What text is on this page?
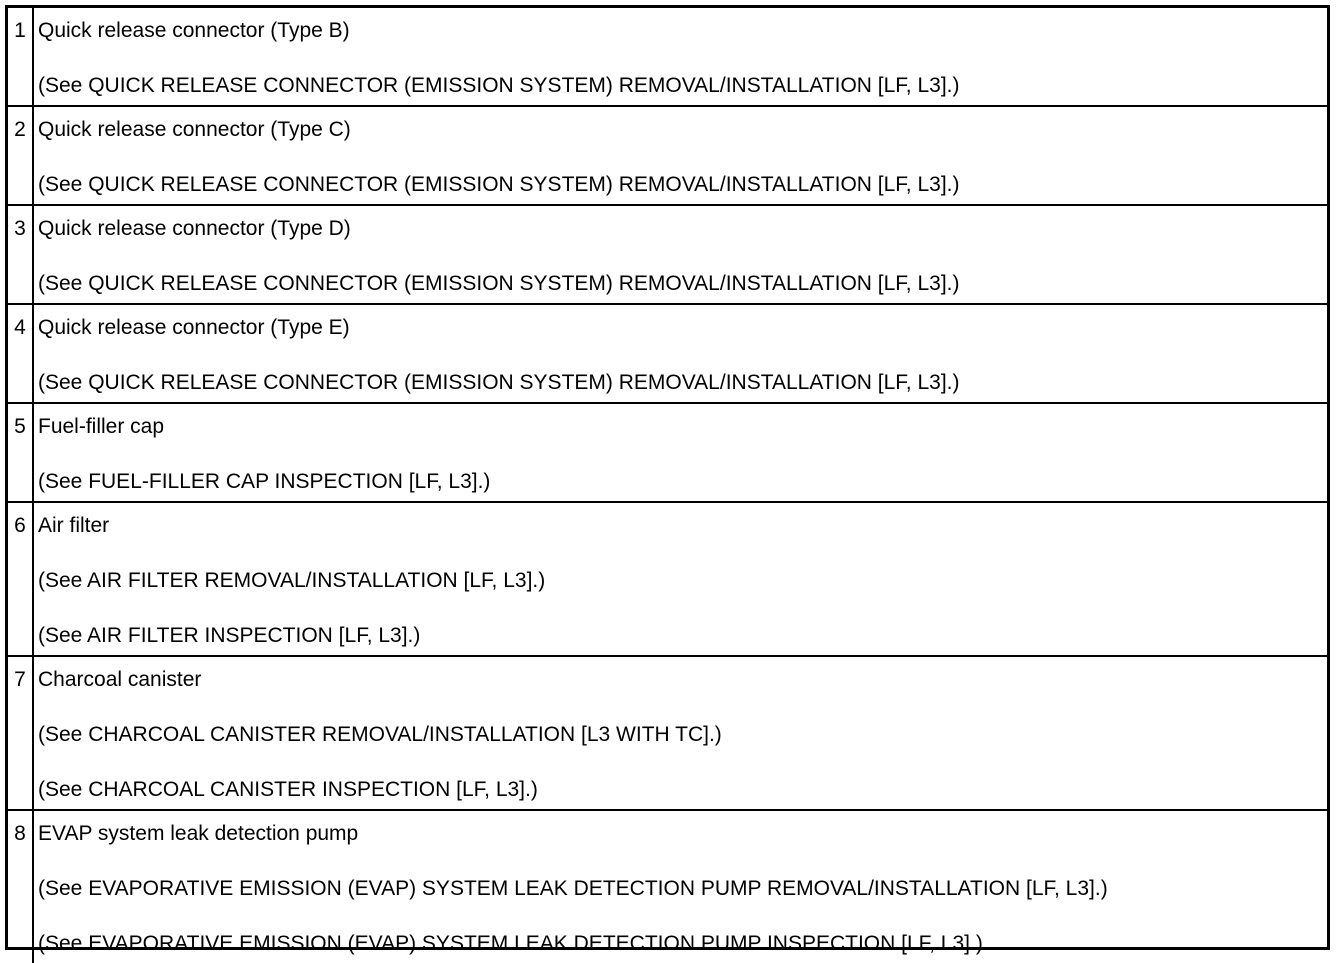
1 Quick release connector (Type B)
(See QUICK RELEASE CONNECTOR (EMISSION SYSTEM) REMOVAL/INSTALLATION [LF, L3].)
2 Quick release connector (Type C)
(See QUICK RELEASE CONNECTOR (EMISSION SYSTEM) REMOVAL/INSTALLATION [LF, L3].)
3 Quick release connector (Type D)
(See QUICK RELEASE CONNECTOR (EMISSION SYSTEM) REMOVAL/INSTALLATION [LF, L3].)
4 Quick release connector (Type E)
(See QUICK RELEASE CONNECTOR (EMISSION SYSTEM) REMOVAL/INSTALLATION [LF, L3].)
5 Fuel-filler cap
(See FUEL-FILLER CAP INSPECTION [LF, L3].)
6 Air filter
(See AIR FILTER REMOVAL/INSTALLATION [LF, L3].)
(See AIR FILTER INSPECTION [LF, L3].)
7 Charcoal canister
(See CHARCOAL CANISTER REMOVAL/INSTALLATION [L3 WITH TC].)
(See CHARCOAL CANISTER INSPECTION [LF, L3].)
8 EVAP system leak detection pump
(See EVAPORATIVE EMISSION (EVAP) SYSTEM LEAK DETECTION PUMP REMOVAL/INSTALLATION [LF, L3].)
(See EVAPORATIVE EMISSION (EVAP) SYSTEM LEAK DETECTION PUMP INSPECTION [LF, L3].)
